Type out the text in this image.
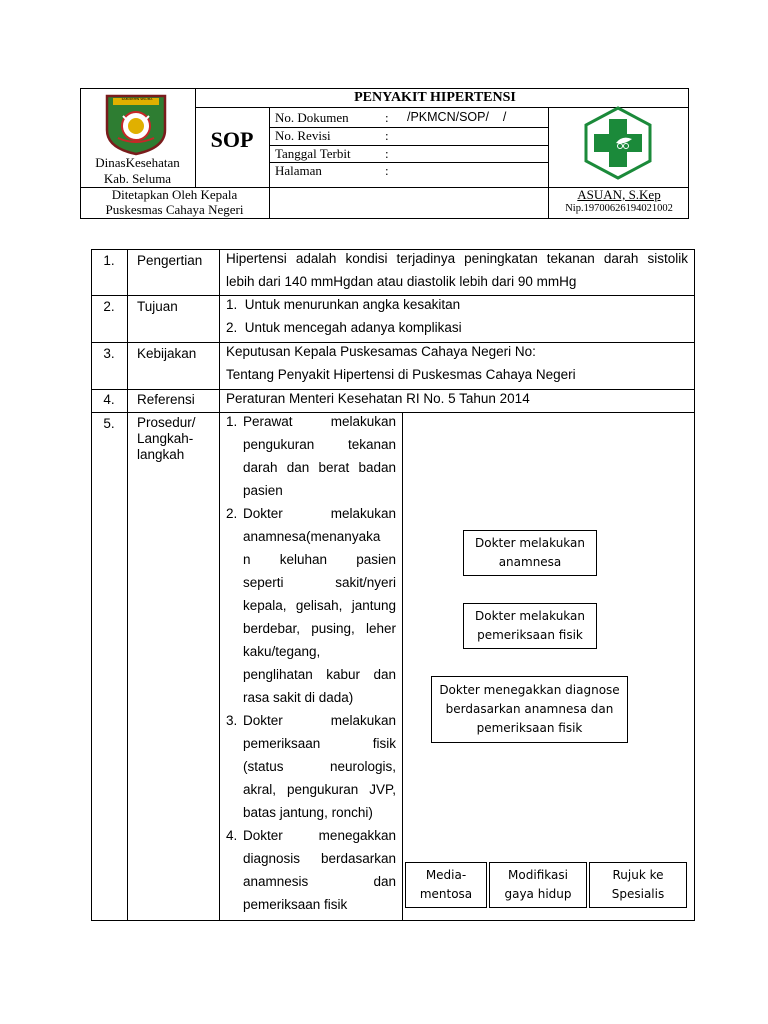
KABUPATEN SELUMA
DinasKesehatan
Kab. Seluma
PENYAKIT HIPERTENSI
SOP
No. Dokumen	: /PKMCN/SOP/    /
No. Revisi	:
Tanggal Terbit	:
Halaman	:
Ditetapkan Oleh Kepala
Puskesmas Cahaya Negeri
ASUAN, S.Kep
Nip.19700626194021002
1.	Pengertian	Hipertensi adalah kondisi terjadinya peningkatan tekanan darah sistolik
lebih dari 140 mmHgdan atau diastolik lebih dari 90 mmHg
2.	Tujuan	1.  Untuk menurunkan angka kesakitan
2.  Untuk mencegah adanya komplikasi
3.	Kebijakan	Keputusan Kepala Puskesamas Cahaya Negeri No:
Tentang Penyakit Hipertensi di Puskesmas Cahaya Negeri
4.	Referensi	Peraturan Menteri Kesehatan RI No. 5 Tahun 2014
5.	Prosedur/ Langkah-langkah
1. Perawat melakukan
pengukuran tekanan
darah dan berat badan
pasien
2. Dokter melakukan
anamnesa(menanyaka
n keluhan pasien
seperti sakit/nyeri
kepala, gelisah, jantung
berdebar, pusing, leher
kaku/tegang,
penglihatan kabur dan
rasa sakit di dada)
3. Dokter melakukan
pemeriksaan fisik
(status neurologis,
akral, pengukuran JVP,
batas jantung, ronchi)
4. Dokter menegakkan
diagnosis berdasarkan
anamnesis dan
pemeriksaan fisik
Dokter melakukan
anamnesa
Dokter melakukan
pemeriksaan fisik
Dokter menegakkan diagnose
berdasarkan anamnesa dan
pemeriksaan fisik
Media-
mentosa
Modifikasi
gaya hidup
Rujuk ke
Spesialis
